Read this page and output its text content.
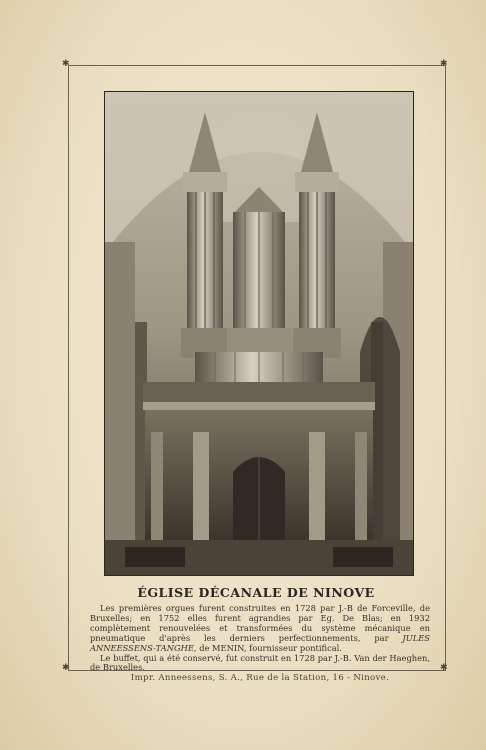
✱	✱
✱	✱
ÉGLISE DÉCANALE DE NINOVE

Les premières orgues furent construites en 1728 par J.-B de Forceville, de Bruxelles; en 1752 elles furent agrandies par Eg. De Blas; en 1932 complètement renouvelées et transformées du système mécanique en pneumatique d'après les derniers perfectionnements, par JULES ANNEESSENS-TANGHE, de MENIN, fournisseur pontifical.

Le buffet, qui a été conservé, fut construit en 1728 par J.-B. Van der Haeghen, de Bruxelles.

Impr. Anneessens, S. A., Rue de la Station, 16 - Ninove.
